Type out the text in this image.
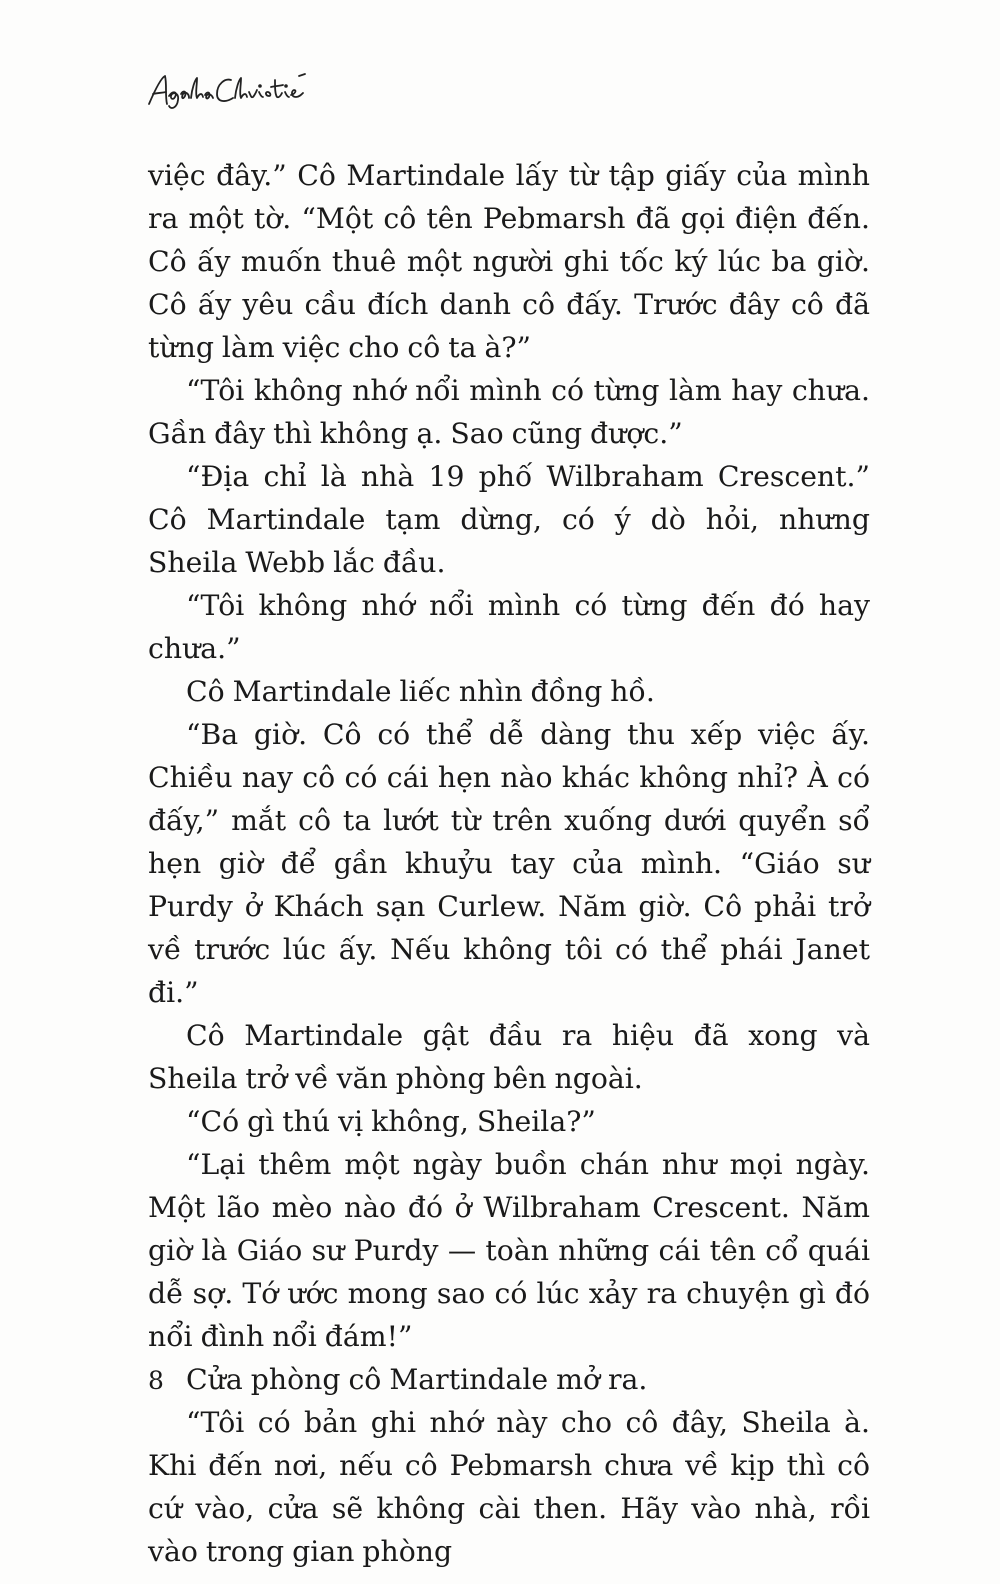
việc đây.” Cô Martindale lấy từ tập giấy của mình ra một tờ. “Một cô tên Pebmarsh đã gọi điện đến. Cô ấy muốn thuê một người ghi tốc ký lúc ba giờ. Cô ấy yêu cầu đích danh cô đấy. Trước đây cô đã từng làm việc cho cô ta à?”

“Tôi không nhớ nổi mình có từng làm hay chưa. Gần đây thì không ạ. Sao cũng được.”

“Địa chỉ là nhà 19 phố Wilbraham Crescent.” Cô Martindale tạm dừng, có ý dò hỏi, nhưng Sheila Webb lắc đầu.

“Tôi không nhớ nổi mình có từng đến đó hay chưa.”

Cô Martindale liếc nhìn đồng hồ.

“Ba giờ. Cô có thể dễ dàng thu xếp việc ấy. Chiều nay cô có cái hẹn nào khác không nhỉ? À có đấy,” mắt cô ta lướt từ trên xuống dưới quyển sổ hẹn giờ để gần khuỷu tay của mình. “Giáo sư Purdy ở Khách sạn Curlew. Năm giờ. Cô phải trở về trước lúc ấy. Nếu không tôi có thể phái Janet đi.”

Cô Martindale gật đầu ra hiệu đã xong và Sheila trở về văn phòng bên ngoài.

“Có gì thú vị không, Sheila?”

“Lại thêm một ngày buồn chán như mọi ngày. Một lão mèo nào đó ở Wilbraham Crescent. Năm giờ là Giáo sư Purdy — toàn những cái tên cổ quái dễ sợ. Tớ ước mong sao có lúc xảy ra chuyện gì đó nổi đình nổi đám!”

Cửa phòng cô Martindale mở ra.

“Tôi có bản ghi nhớ này cho cô đây, Sheila à. Khi đến nơi, nếu cô Pebmarsh chưa về kịp thì cô cứ vào, cửa sẽ không cài then. Hãy vào nhà, rồi vào trong gian phòng

8
